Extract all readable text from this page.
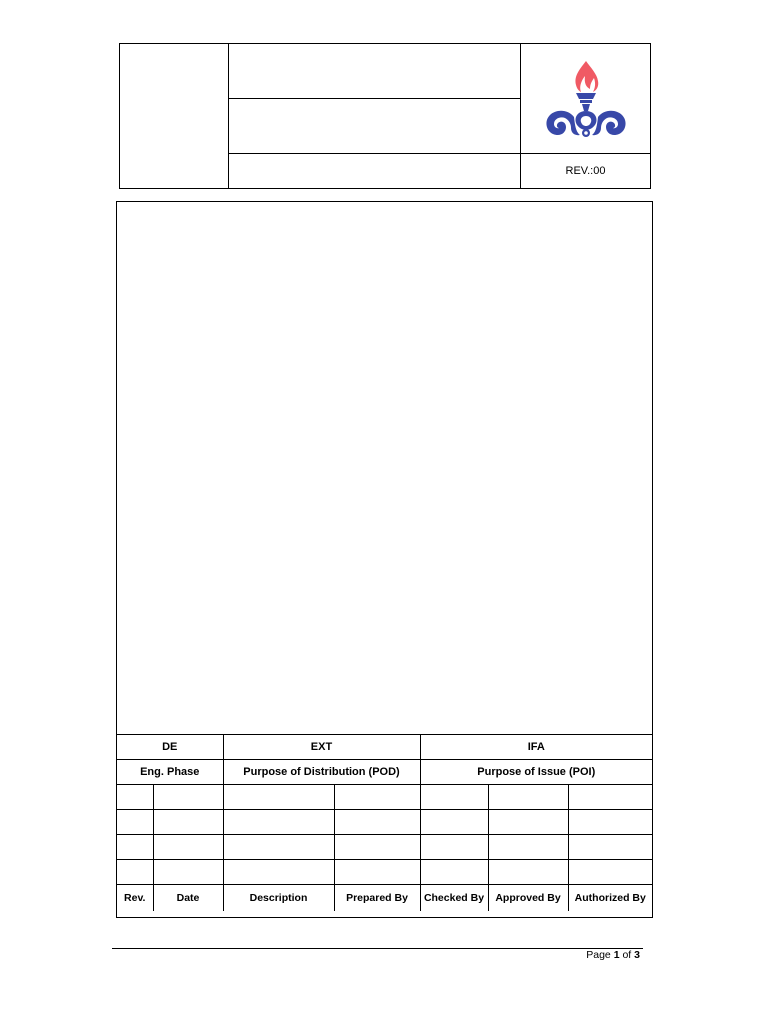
REV.:00
DE		EXT		IFA		
Eng. Phase		Purpose of Distribution (POD)		Purpose of Issue (POI)		

Rev.	Date	Description	Prepared By	Checked By	Approved By	Authorized By
Page 1 of 3
